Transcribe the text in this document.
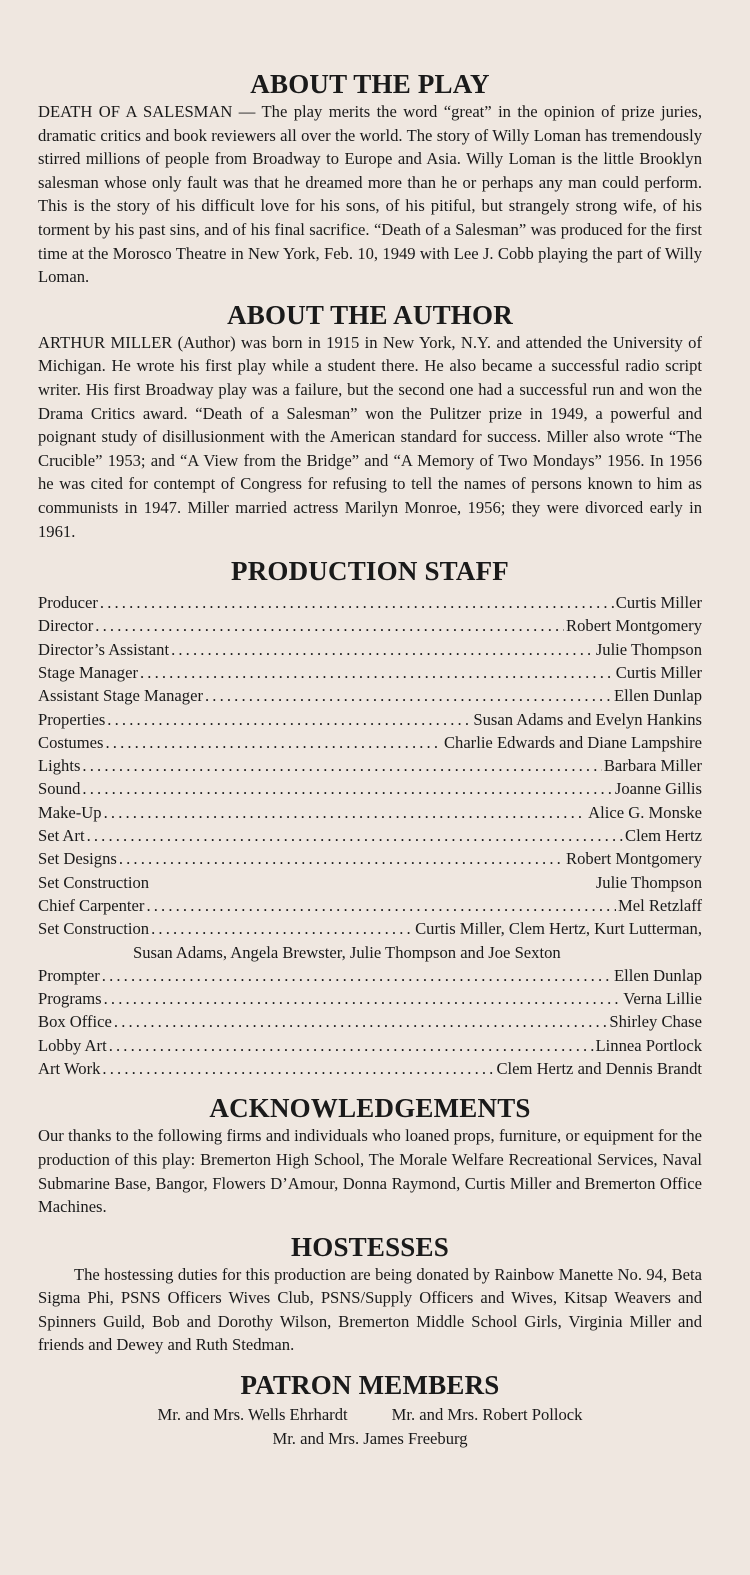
ABOUT THE PLAY

DEATH OF A SALESMAN — The play merits the word “great” in the opinion of prize juries, dramatic critics and book reviewers all over the world. The story of Willy Loman has tremendously stirred millions of people from Broadway to Europe and Asia. Willy Loman is the little Brooklyn salesman whose only fault was that he dreamed more than he or perhaps any man could perform. This is the story of his difficult love for his sons, of his pitiful, but strangely strong wife, of his torment by his past sins, and of his final sacrifice. “Death of a Salesman” was produced for the first time at the Morosco Theatre in New York, Feb. 10, 1949 with Lee J. Cobb playing the part of Willy Loman.

ABOUT THE AUTHOR

ARTHUR MILLER (Author) was born in 1915 in New York, N.Y. and attended the University of Michigan. He wrote his first play while a student there. He also became a successful radio script writer. His first Broadway play was a failure, but the second one had a successful run and won the Drama Critics award. “Death of a Salesman” won the Pulitzer prize in 1949, a powerful and poignant study of disillusionment with the American standard for success. Miller also wrote “The Crucible” 1953; and “A View from the Bridge” and “A Memory of Two Mondays” 1956. In 1956 he was cited for contempt of Congress for refusing to tell the names of persons known to him as communists in 1947. Miller married actress Marilyn Monroe, 1956; they were divorced early in 1961.

PRODUCTION STAFF
Producer . . .	Curtis Miller
Director . . .	Robert Montgomery
Director’s Assistant . . .	Julie Thompson
Stage Manager . . .	Curtis Miller
Assistant Stage Manager . . .	Ellen Dunlap
Properties . . .	Susan Adams and Evelyn Hankins
Costumes . . .	Charlie Edwards and Diane Lampshire
Lights . . .	Barbara Miller
Sound . . .	Joanne Gillis
Make-Up . . .	Alice G. Monske
Set Art . . .	Clem Hertz
Set Designs . . .	Robert Montgomery
Set Construction	Julie Thompson
Chief Carpenter . . .	Mel Retzlaff
Set Construction . . .	Curtis Miller, Clem Hertz, Kurt Lutterman,
Susan Adams, Angela Brewster, Julie Thompson and Joe Sexton
Prompter . . .	Ellen Dunlap
Programs . . .	Verna Lillie
Box Office . . .	Shirley Chase
Lobby Art . . .	Linnea Portlock
Art Work . . .	Clem Hertz and Dennis Brandt
ACKNOWLEDGEMENTS

Our thanks to the following firms and individuals who loaned props, furniture, or equipment for the production of this play: Bremerton High School, The Morale Welfare Recreational Services, Naval Submarine Base, Bangor, Flowers D’Amour, Donna Raymond, Curtis Miller and Bremerton Office Machines.

HOSTESSES

The hostessing duties for this production are being donated by Rainbow Manette No. 94, Beta Sigma Phi, PSNS Officers Wives Club, PSNS/Supply Officers and Wives, Kitsap Weavers and Spinners Guild, Bob and Dorothy Wilson, Bremerton Middle School Girls, Virginia Miller and friends and Dewey and Ruth Stedman.

PATRON MEMBERS
Mr. and Mrs. Wells Ehrhardt	Mr. and Mrs. Robert Pollock
Mr. and Mrs. James Freeburg
